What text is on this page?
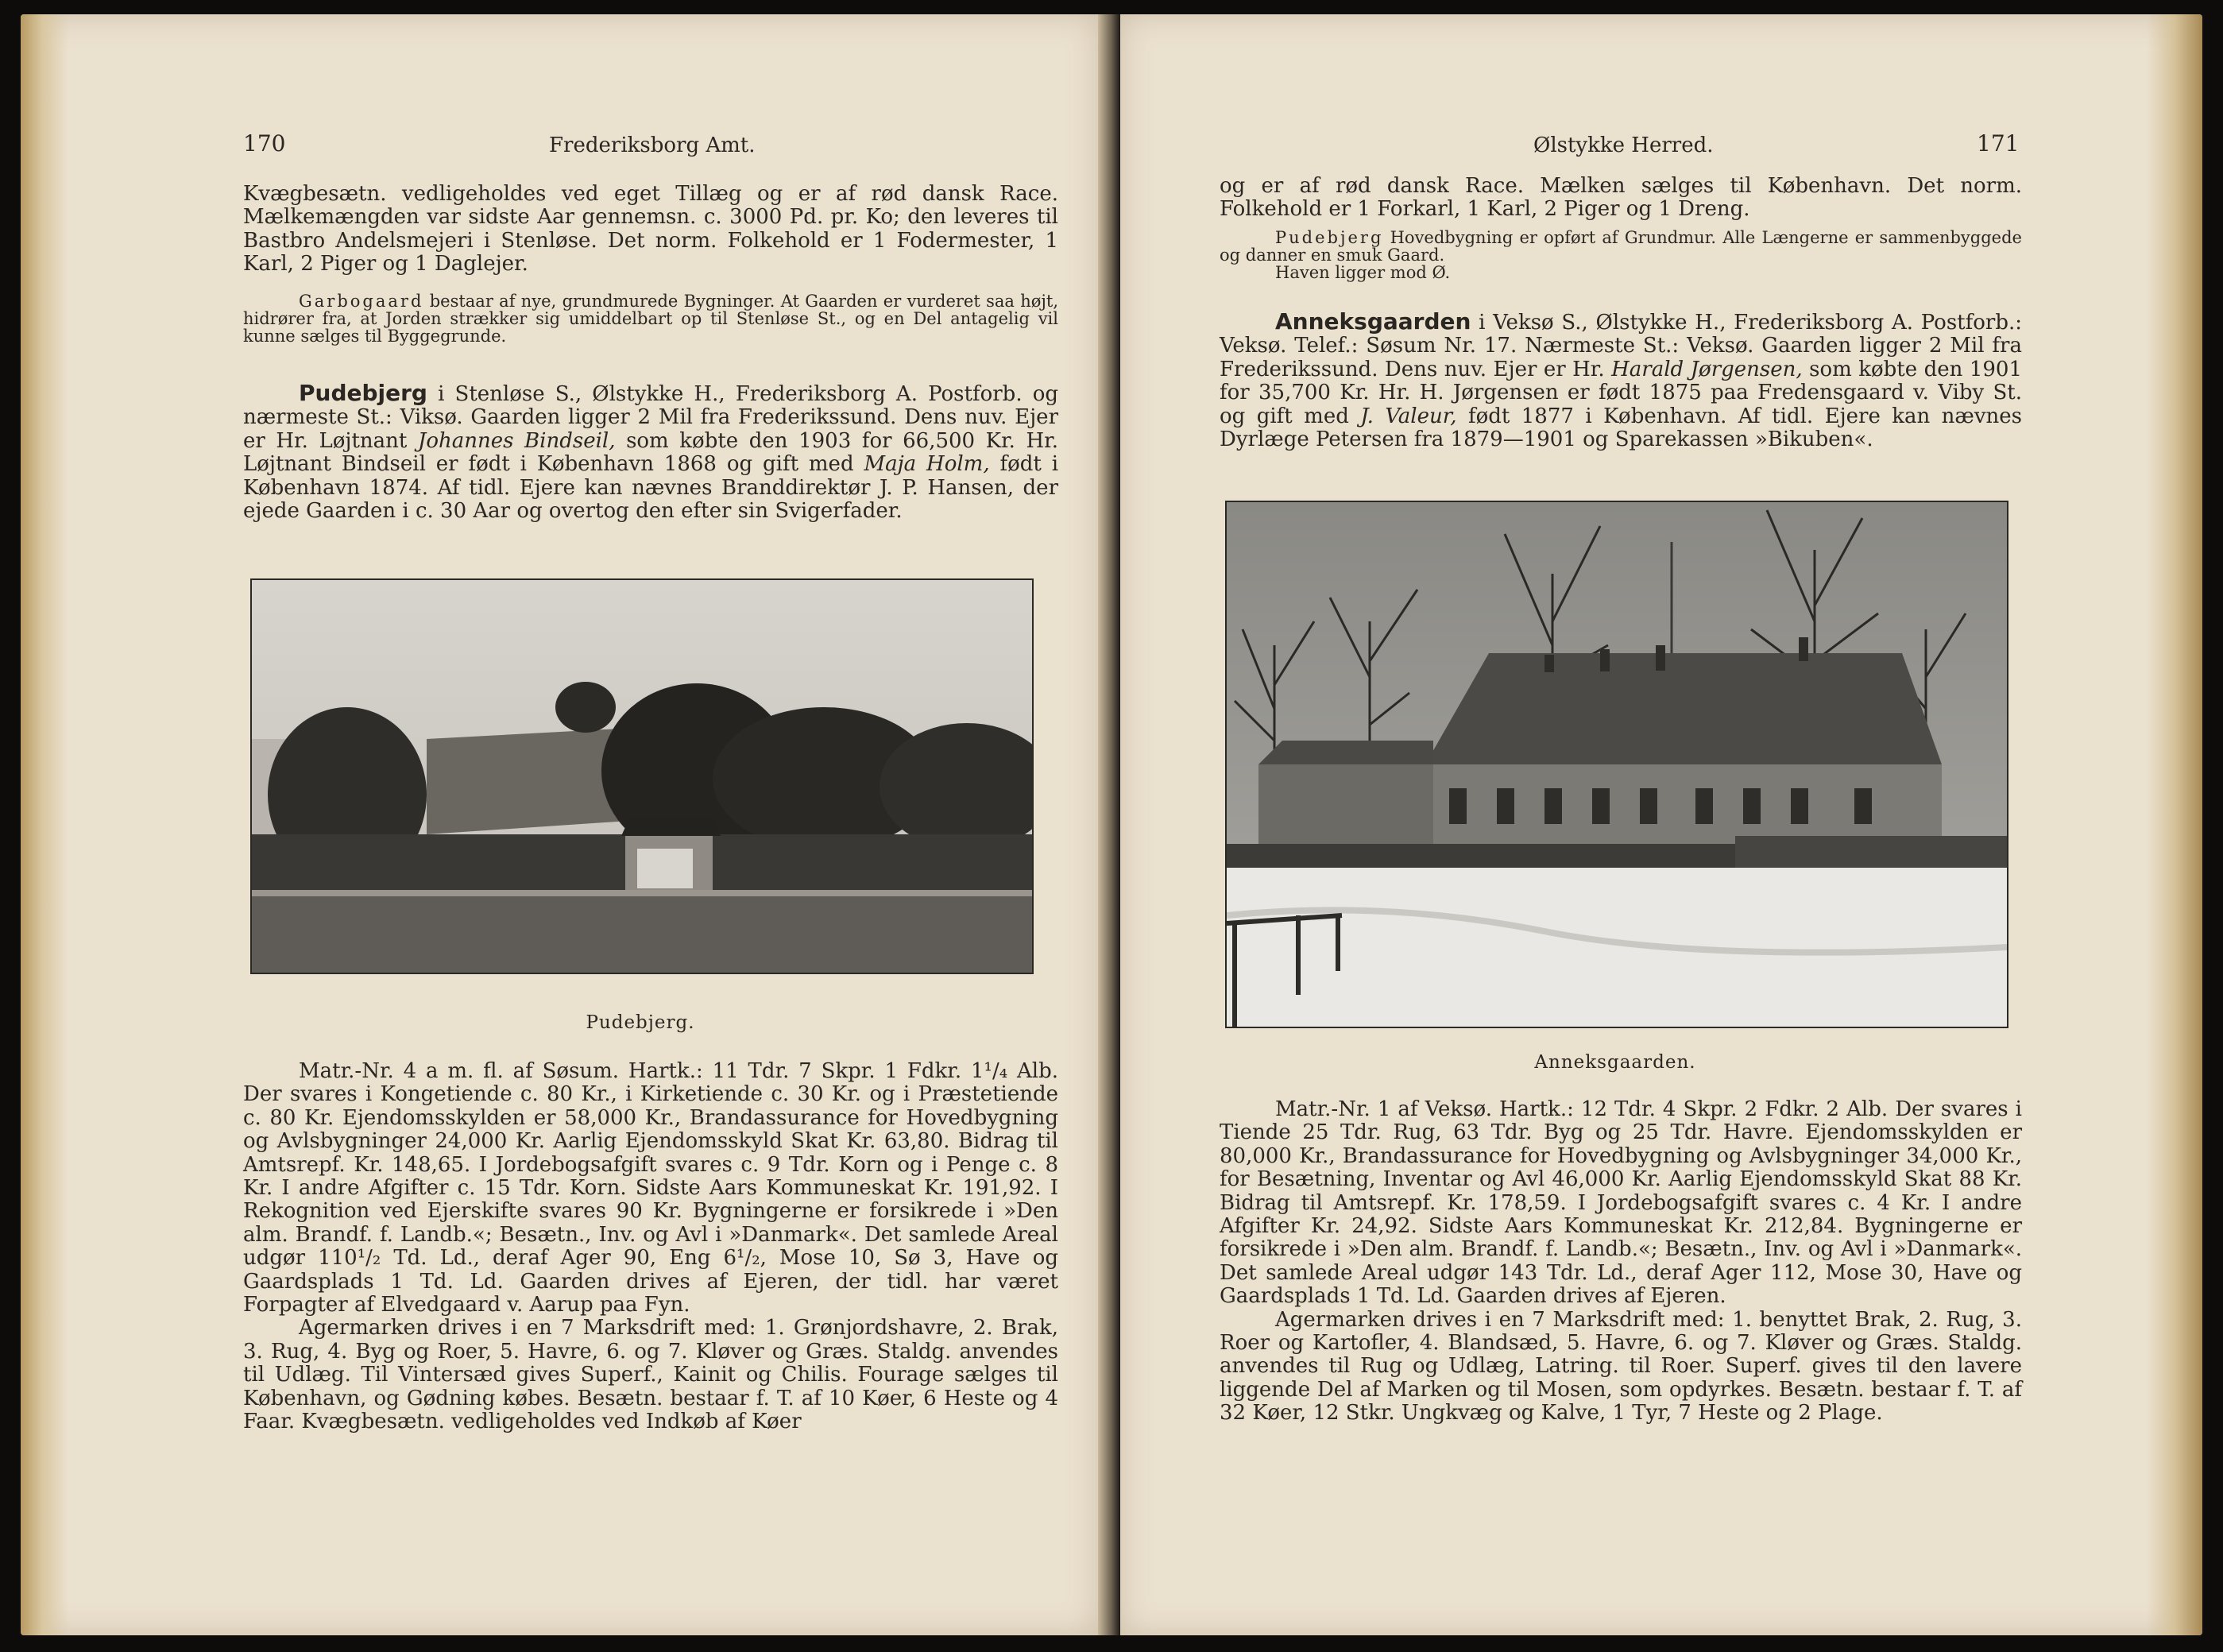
170	Frederiksborg Amt.

Kvægbesætn. vedligeholdes ved eget Tillæg og er af rød dansk Race. Mælkemængden var sidste Aar gennemsn. c. 3000 Pd. pr. Ko; den leveres til Bastbro Andelsmejeri i Stenløse. Det norm. Folkehold er 1 Fodermester, 1 Karl, 2 Piger og 1 Daglejer.

Garbogaard bestaar af nye, grundmurede Bygninger. At Gaarden er vurderet saa højt, hidrører fra, at Jorden strækker sig umiddelbart op til Stenløse St., og en Del antagelig vil kunne sælges til Byggegrunde.

Pudebjerg i Stenløse S., Ølstykke H., Frederiksborg A. Postforb. og nærmeste St.: Viksø. Gaarden ligger 2 Mil fra Frederikssund. Dens nuv. Ejer er Hr. Løjtnant Johannes Bindseil, som købte den 1903 for 66,500 Kr. Hr. Løjtnant Bindseil er født i København 1868 og gift med Maja Holm, født i København 1874. Af tidl. Ejere kan nævnes Branddirektør J. P. Hansen, der ejede Gaarden i c. 30 Aar og overtog den efter sin Svigerfader.

Pudebjerg.

Matr.-Nr. 4 a m. fl. af Søsum. Hartk.: 11 Tdr. 7 Skpr. 1 Fdkr. 1¹/₄ Alb. Der svares i Kongetiende c. 80 Kr., i Kirketiende c. 30 Kr. og i Præstetiende c. 80 Kr. Ejendomsskylden er 58,000 Kr., Brandassurance for Hovedbygning og Avlsbygninger 24,000 Kr. Aarlig Ejendomsskyld Skat Kr. 63,80. Bidrag til Amtsrepf. Kr. 148,65. I Jordebogsafgift svares c. 9 Tdr. Korn og i Penge c. 8 Kr. I andre Afgifter c. 15 Tdr. Korn. Sidste Aars Kommuneskat Kr. 191,92. I Rekognition ved Ejerskifte svares 90 Kr. Bygningerne er forsikrede i »Den alm. Brandf. f. Landb.«; Besætn., Inv. og Avl i »Danmark«. Det samlede Areal udgør 110¹/₂ Td. Ld., deraf Ager 90, Eng 6¹/₂, Mose 10, Sø 3, Have og Gaardsplads 1 Td. Ld. Gaarden drives af Ejeren, der tidl. har været Forpagter af Elvedgaard v. Aarup paa Fyn.

Agermarken drives i en 7 Marksdrift med: 1. Grønjordshavre, 2. Brak, 3. Rug, 4. Byg og Roer, 5. Havre, 6. og 7. Kløver og Græs. Staldg. anvendes til Udlæg. Til Vintersæd gives Superf., Kainit og Chilis. Fourage sælges til København, og Gødning købes. Besætn. bestaar f. T. af 10 Køer, 6 Heste og 4 Faar. Kvægbesætn. vedligeholdes ved Indkøb af Køer

Ølstykke Herred.	171

og er af rød dansk Race. Mælken sælges til København. Det norm. Folkehold er 1 Forkarl, 1 Karl, 2 Piger og 1 Dreng.

Pudebjerg Hovedbygning er opført af Grundmur. Alle Længerne er sammenbyggede og danner en smuk Gaard.

Haven ligger mod Ø.

Anneksgaarden i Veksø S., Ølstykke H., Frederiksborg A. Postforb.: Veksø. Telef.: Søsum Nr. 17. Nærmeste St.: Veksø. Gaarden ligger 2 Mil fra Frederikssund. Dens nuv. Ejer er Hr. Harald Jørgensen, som købte den 1901 for 35,700 Kr. Hr. H. Jørgensen er født 1875 paa Fredensgaard v. Viby St. og gift med J. Valeur, født 1877 i København. Af tidl. Ejere kan nævnes Dyrlæge Petersen fra 1879—1901 og Sparekassen »Bikuben«.

Anneksgaarden.

Matr.-Nr. 1 af Veksø. Hartk.: 12 Tdr. 4 Skpr. 2 Fdkr. 2 Alb. Der svares i Tiende 25 Tdr. Rug, 63 Tdr. Byg og 25 Tdr. Havre. Ejendomsskylden er 80,000 Kr., Brandassurance for Hovedbygning og Avlsbygninger 34,000 Kr., for Besætning, Inventar og Avl 46,000 Kr. Aarlig Ejendomsskyld Skat 88 Kr. Bidrag til Amtsrepf. Kr. 178,59. I Jordebogsafgift svares c. 4 Kr. I andre Afgifter Kr. 24,92. Sidste Aars Kommuneskat Kr. 212,84. Bygningerne er forsikrede i »Den alm. Brandf. f. Landb.«; Besætn., Inv. og Avl i »Danmark«. Det samlede Areal udgør 143 Tdr. Ld., deraf Ager 112, Mose 30, Have og Gaardsplads 1 Td. Ld. Gaarden drives af Ejeren.

Agermarken drives i en 7 Marksdrift med: 1. benyttet Brak, 2. Rug, 3. Roer og Kartofler, 4. Blandsæd, 5. Havre, 6. og 7. Kløver og Græs. Staldg. anvendes til Rug og Udlæg, Latring. til Roer. Superf. gives til den lavere liggende Del af Marken og til Mosen, som opdyrkes. Besætn. bestaar f. T. af 32 Køer, 12 Stkr. Ungkvæg og Kalve, 1 Tyr, 7 Heste og 2 Plage.
